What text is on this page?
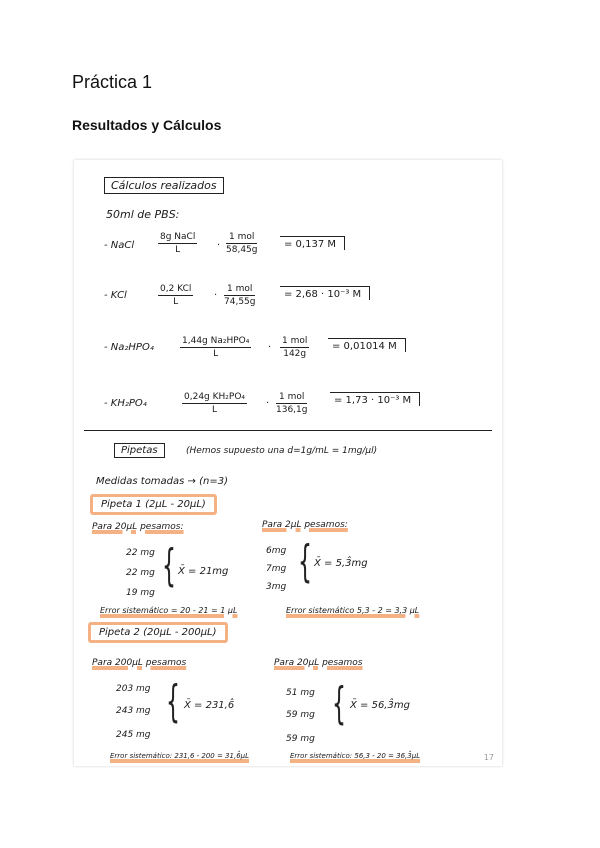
Práctica 1
Resultados y Cálculos
Cálculos realizados
50ml de PBS:
- NaCl
8g NaCl
L	·
1 mol
58,45g	= 0,137 M
- KCl
0,2 KCl
L
·
1 mol
74,55g
= 2,68 · 10⁻³ M
- Na₂HPO₄
1,44g Na₂HPO₄
L
·
1 mol
142g
= 0,01014 M
- KH₂PO₄	$\frac{\text{0,24g KH₂PO₄}}{L}$ ·
1 mol
136,1g
= 1,73 · 10⁻³ M
Pipetas	(Hemos supuesto una d=1g/mL = 1mg/µl)
Medidas tomadas → (n=3)
Pipeta 1 (2µL - 20µL)
Para 20µL pesamos:	Para 2µL pesamos:
22 mg
22 mg
19 mg
{ X̄ = 21mg
6mg
7mg
3mg { X̄ = 5,3̂mg
Error sistemático = 20 - 21 = 1 µL	Error sistemático 5,3 - 2 = 3,3 µL
Pipeta 2 (20µL - 200µL)
Para 200µL pesamos	Para 20µL pesamos
203 mg
243 mg
245 mg
{ X̄ = 231,6̂
51 mg
59 mg
59 mg
{ X̄ = 56,3̂mg
Error sistemático: 231,6 - 200 = 31,6̂µL	Error sistemático: 56,3 - 20 = 36,3̂µL	17
